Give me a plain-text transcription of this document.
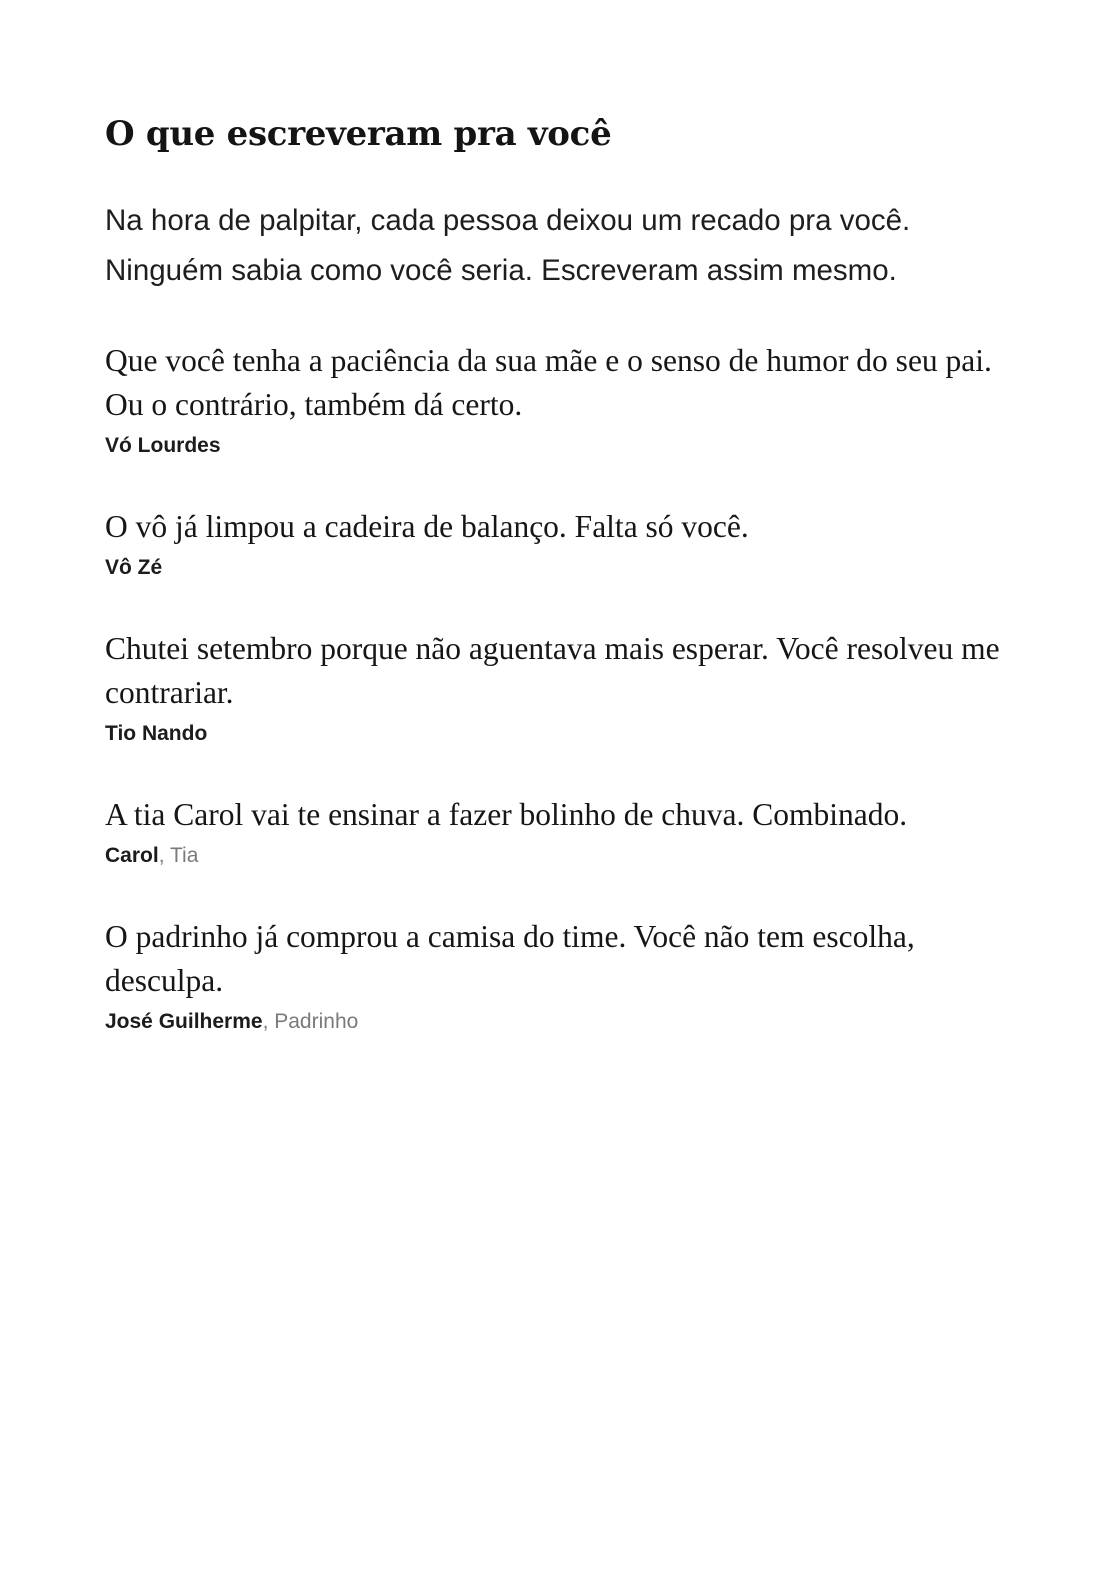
O que escreveram pra você

Na hora de palpitar, cada pessoa deixou um recado pra você.

Ninguém sabia como você seria. Escreveram assim mesmo.

Que você tenha a paciência da sua mãe e o senso de humor do seu pai. Ou o contrário, também dá certo.

Vó Lourdes

O vô já limpou a cadeira de balanço. Falta só você.

Vô Zé

Chutei setembro porque não aguentava mais esperar. Você resolveu me contrariar.

Tio Nando

A tia Carol vai te ensinar a fazer bolinho de chuva. Combinado.

Carol, Tia

O padrinho já comprou a camisa do time. Você não tem escolha, desculpa.

José Guilherme, Padrinho
